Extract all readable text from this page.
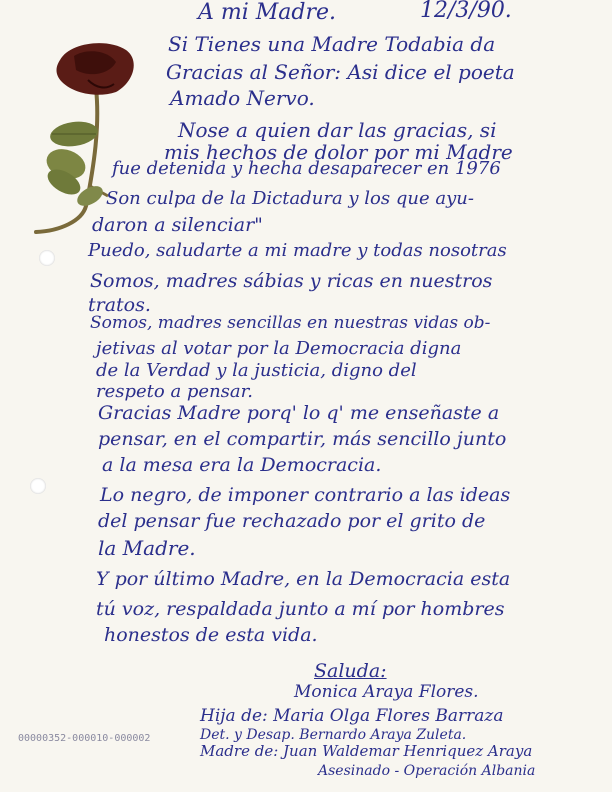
A mi Madre.	12/3/90.
Si Tienes una Madre Todabia da
Gracias al Señor: Asi dice el poeta
Amado Nervo.
Nose a quien dar las gracias, si
mis hechos de dolor por mi Madre
fue detenida y hecha desaparecer en 1976
Son culpa de la Dictadura y los que ayu-
daron a silenciar"
Puedo, saludarte a mi madre y todas nosotras
Somos, madres sábias y ricas en nuestros
tratos.
Somos, madres sencillas en nuestras vidas ob-
jetivas al votar por la Democracia digna
de la Verdad y la justicia, digno del
respeto a pensar.
Gracias Madre porq' lo q' me enseñaste a
pensar, en el compartir, más sencillo junto
a la mesa era la Democracia.
Lo negro, de imponer contrario a las ideas
del pensar fue rechazado por el grito de
la Madre.
Y por último Madre, en la Democracia esta
tú voz, respaldada junto a mí por hombres
honestos de esta vida.
Saluda:
Monica Araya Flores.
Hija de: Maria Olga Flores Barraza
Det. y Desap. Bernardo Araya Zuleta.
Madre de: Juan Waldemar Henriquez Araya
Asesinado - Operación Albania
00000352-000010-000002
